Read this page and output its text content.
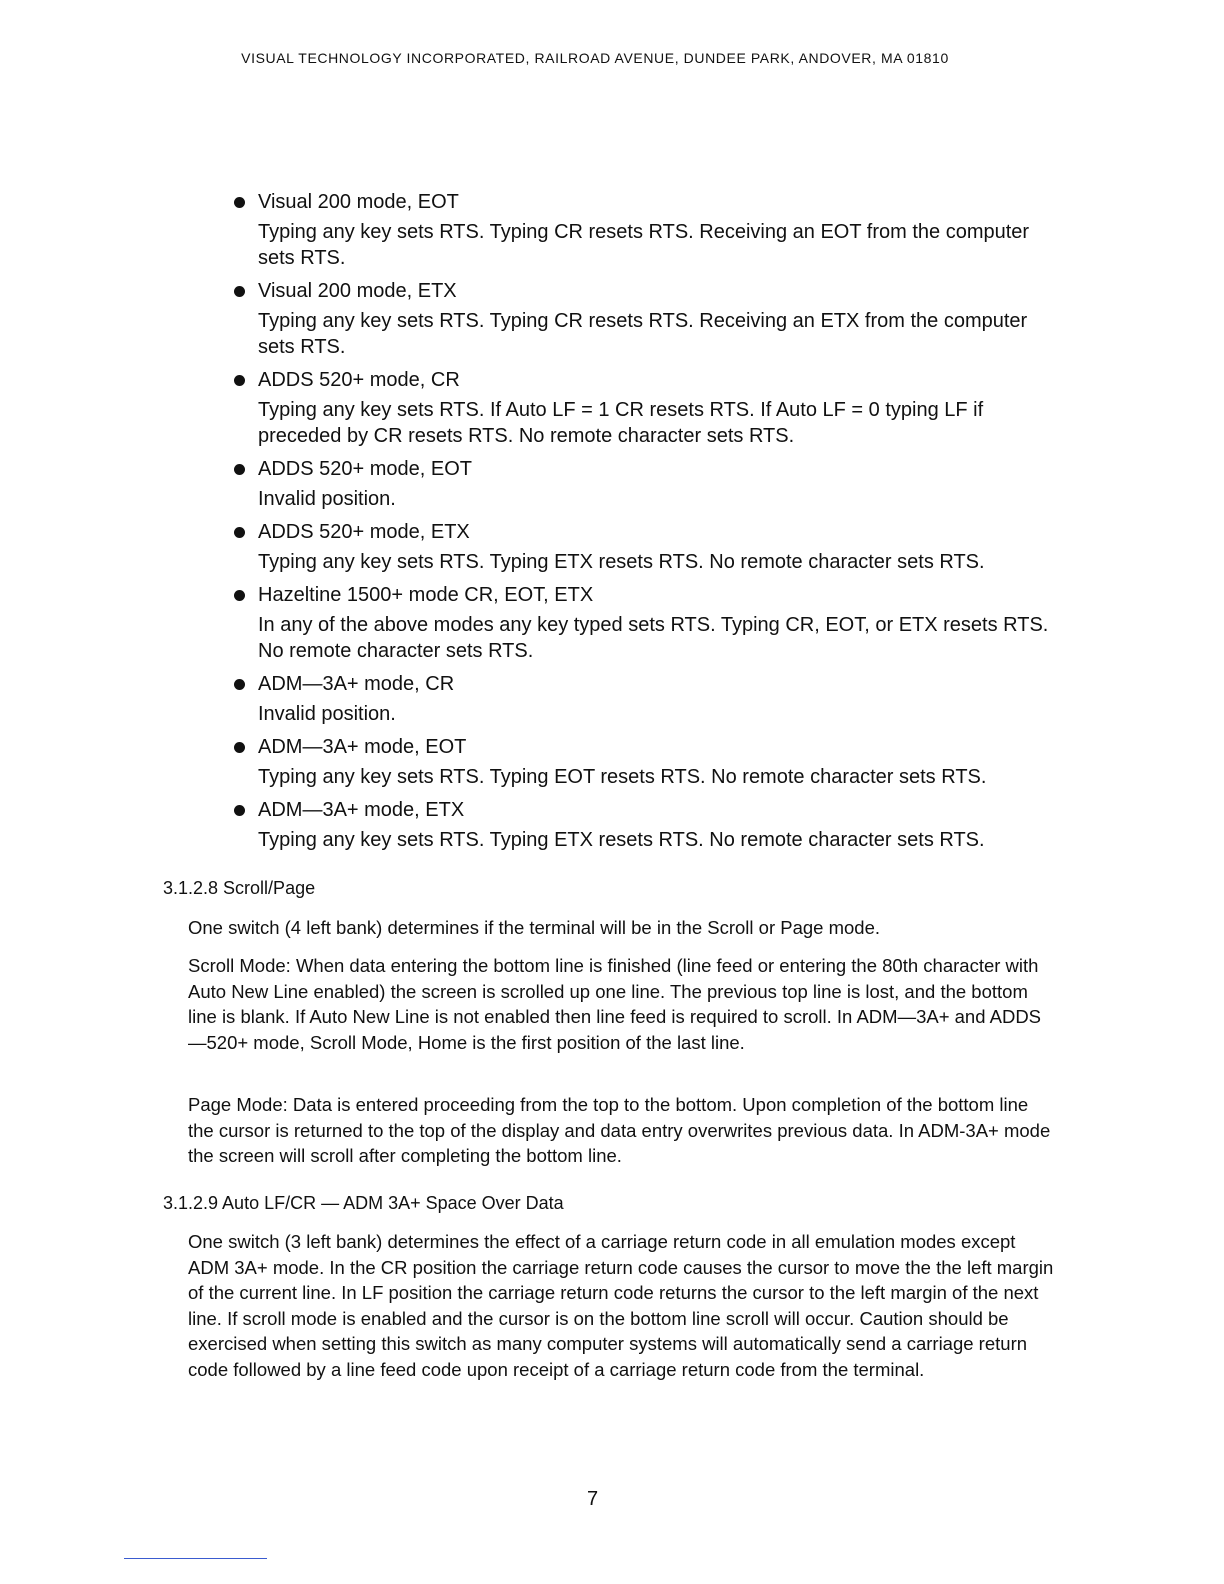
VISUAL TECHNOLOGY INCORPORATED, RAILROAD AVENUE, DUNDEE PARK, ANDOVER, MA 01810
Visual 200 mode, EOT
Typing any key sets RTS. Typing CR resets RTS. Receiving an EOT from the computer sets RTS.
Visual 200 mode, ETX
Typing any key sets RTS. Typing CR resets RTS. Receiving an ETX from the computer sets RTS.
ADDS 520+ mode, CR
Typing any key sets RTS. If Auto LF = 1 CR resets RTS. If Auto LF = 0 typing LF if preceded by CR resets RTS. No remote character sets RTS.
ADDS 520+ mode, EOT
Invalid position.
ADDS 520+ mode, ETX
Typing any key sets RTS. Typing ETX resets RTS. No remote character sets RTS.
Hazeltine 1500+ mode CR, EOT, ETX
In any of the above modes any key typed sets RTS. Typing CR, EOT, or ETX resets RTS. No remote character sets RTS.
ADM—3A+ mode, CR
Invalid position.
ADM—3A+ mode, EOT
Typing any key sets RTS. Typing EOT resets RTS. No remote character sets RTS.
ADM—3A+ mode, ETX
Typing any key sets RTS. Typing ETX resets RTS. No remote character sets RTS.
3.1.2.8 Scroll/Page
One switch (4 left bank) determines if the terminal will be in the Scroll or Page mode.
Scroll Mode: When data entering the bottom line is finished (line feed or entering the 80th character with Auto New Line enabled) the screen is scrolled up one line. The previous top line is lost, and the bottom line is blank. If Auto New Line is not enabled then line feed is required to scroll. In ADM—3A+ and ADDS—520+ mode, Scroll Mode, Home is the first position of the last line.
Page Mode: Data is entered proceeding from the top to the bottom. Upon completion of the bottom line the cursor is returned to the top of the display and data entry overwrites previous data. In ADM-3A+ mode the screen will scroll after completing the bottom line.
3.1.2.9 Auto LF/CR — ADM 3A+ Space Over Data
One switch (3 left bank) determines the effect of a carriage return code in all emulation modes except ADM 3A+ mode. In the CR position the carriage return code causes the cursor to move the the left margin of the current line. In LF position the carriage return code returns the cursor to the left margin of the next line. If scroll mode is enabled and the cursor is on the bottom line scroll will occur. Caution should be exercised when setting this switch as many computer systems will automatically send a carriage return code followed by a line feed code upon receipt of a carriage return code from the terminal.
7
